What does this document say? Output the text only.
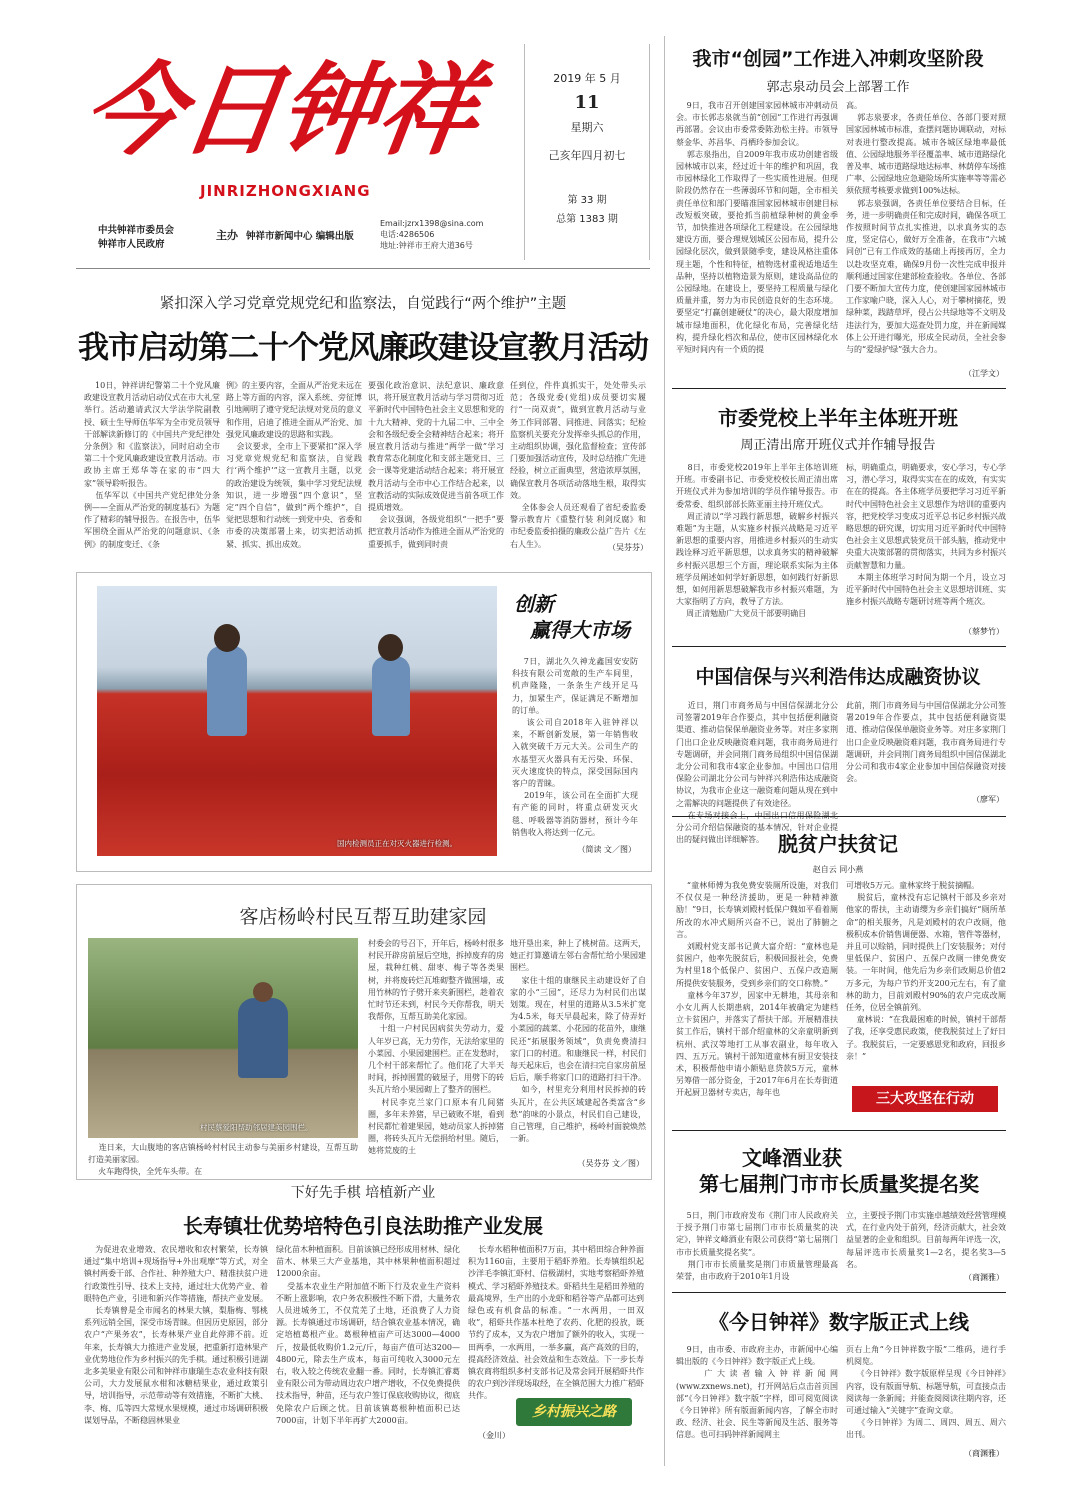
今日钟祥
JINRIZHONGXIANG
中共钟祥市委员会
钟祥市人民政府
主办 钟祥市新闻中心 编辑出版
Email:jzrx1398@sina.com
电话:4286506
地址:钟祥市王府大道36号
2019 年 5 月
11
星期六
己亥年四月初七
第 33 期
总第 1383 期
紧扣深入学习党章党规党纪和监察法，自觉践行“两个维护”主题
我市启动第二十个党风廉政建设宣教月活动
10日，钟祥讲纪警第二十个党风廉政建设宣教月活动启动仪式在市大礼堂举行。活动邀请武汉大学法学院副教授、硕士生导师伍华军为全市党员领导干部解读新修订的《中国共产党纪律处分条例》和《监察法》，同时启动全市第二十个党风廉政建设宣教月活动。市政协主席王郑华等在家的市“四大家”领导聆听报告。
伍华军以《中国共产党纪律处分条例——全面从严治党的制度基石》为题作了精彩的辅导报告。在报告中，伍华军围绕全面从严治党的问题意识、《条例》的制度变迁、《条
例》的主要内容，全面从严治党未远在路上等方面的内容，深入系统、旁征博引地阐明了遵守党纪法规对党员的意义和作用，启迪了推进全面从严治党、加强党风廉政建设的思路和实践。
会议要求，全市上下要紧扣“深入学习党章党规党纪和监察法，自觉践行‘两个维护’”这一宣教月主题，以党的政治建设为统领，集中学习党纪法规知识，进一步增强“四个意识”，坚定“四个自信”，做到“两个维护”，自觉把思想和行动统一到党中央、省委和市委的决策部署上来，切实把活动抓紧、抓实、抓出成效。
要强化政治意识、法纪意识、廉政意识，将开展宣教月活动与学习贯彻习近平新时代中国特色社会主义思想和党的十九大精神、党的十九届二中、三中全会和各级纪委全会精神结合起来；将开展宣教月活动与推进“两学一做”学习教育常态化制度化和支部主题党日、三会一课等党建活动结合起来；将开展宣教月活动与全市中心工作结合起来，以宣教活动的实际成效促进当前各项工作提质增效。
会议强调，各级党组织“一把手”要把宣教月活动作为推进全面从严治党的重要抓手，做到同时责
任到位，件件真抓实干，处处带头示范；各级党委(党组)成员要切实履行“一岗双责”，做到宣教月活动与业务工作同部署、同推进、同落实；纪检监察机关要充分发挥牵头抓总的作用，主动组织协调，强化监督检查；宣传部门要加强活动宣传，及时总结推广先进经验，树立正面典型，营造浓厚氛围，确保宣教月各项活动落地生根，取得实效。
全体参会人员还观看了省纪委监委警示教育片《重整行装 利剑反腐》和市纪委监委拍摄的廉政公益广告片《左右人生》。	（吴芬芬）
国内检测员正在对灭火器进行检测。
创新
赢得大市场
7日，湖北久久神龙鑫国安安防科技有限公司宽敞的生产车间里，机声隆隆，一条条生产线开足马力，加紧生产，保证满足不断增加的订单。
该公司自2018年入驻钟祥以来，不断创新发展，第一年销售收入就突破千万元大关。公司生产的水基型灭火器具有无污染、环保、灭火速度快的特点，深受国际国内客户的青睐。
2019年，该公司在全面扩大现有产能的同时，将重点研发灭火毯、呼吸器等消防器材，预计今年销售收入将达到一亿元。
（简读 文／图）
客店杨岭村民互帮互助建家园
村民蔡爱阳帮助邻居建美园围栏。
连日来，大山腹地的客店镇杨岭村村民主动参与美丽乡村建设，互帮互助打造美丽家园。
火车跑得快，全凭车头带。在
村委会的号召下，开年后，杨岭村很多村民开辟房前屋后空地，拆掉废弃的房屋，栽种红桃、甜枣、梅子等各类果树，并将废砖烂瓦堆砌整齐做围墙，或用竹林的竹子劈开来夹新围栏，趁着农忙时节还未到，村民今天你帮我，明天我帮你，互帮互助美化家园。
十组一户村民因病贫失劳动力，爱人年岁已高，无力劳作，无法给家里的小菜园、小果园建围栏。正在发愁时，几个村干部来帮忙了。他们花了大半天时间，拆掉围置的破屋子，用劈下的砖头瓦片给小果园砌上了整齐的围栏。
村民李克兰家门口原本有几间猪圈，多年未养猪，早已破败不堪，看到村民都忙着建果园，她动员家人拆掉猪圈，将砖头瓦片无偿捐给村里。随后，她将荒废的土
地开垦出来，种上了桃树苗。这两天，她正打算邀请左邻右舍帮忙给小果园建围栏。
家住十组的康继民主动建设好了自家的小“三园”，还尽力为村民们出谋划策。现在，村里的道路从3.5米扩宽为4.5米，每天早晨起来，除了侍弄好小菜园的蔬菜、小花园的花苗外，康继民还“拓展服务领域”，负责免费清扫家门口的村道。和康继民一样，村民们每天起床后，也会在清扫完自家房前屋后后，顺手将家门口的道路打扫干净。
如今，村里充分利用村民拆掉的砖头瓦片，在公共区域建起各类富含“乡愁”韵味的小景点，村民们自己建设，自己管理，自己维护，杨岭村面貌焕然一新。
（吴芬芬 文／图）
下好先手棋 培植新产业
长寿镇壮优势培特色引良法助推产业发展
为促进农业增效、农民增收和农村繁荣，长寿镇通过“集中培训+现场指导+外出观摩”等方式，对全镇村两委干部、合作社、种养殖大户、精准扶贫户进行政策性引导、技术上支持，通过壮大优势产业、着眼特色产业，引进和新兴作等措施，帮扶产业发展。
长寿镇曾是全市闻名的林果大镇，梨脂梅、鄂桃系列远销全国，深受市场青睐。但因历史原因，部分农户“产果务农”，长寿林果产业自此停滞不前。近年来，长寿镇大力推进产业发展，把重新打造林果产业优势地位作为乡村振兴的先手棋。通过积极引进湖北多美果业有限公司和钟祥市康瑞生态农业科技有限公司，大力发展鼠水柑和冰糖桔果业，通过政策引导，培训指导，示范带动等有效措施，不断扩大桃、李、梅、瓜等四大常规水果规模，通过市场调研积极谋划导品，不断稳固林果业
绿化苗木种植面积。目前该镇已经形成用材林、绿化苗木、林果三大产业基地，其中林果种植面积超过12000余亩。
受基本农业生产附加值不断下行及农业生产资料不断上涨影响，农户务农积极性不断下滑，大量务农人员进城务工，不仅荒芜了土地，还浪费了人力资源。长寿镇通过市场调研，结合镇农业基本情况，确定培植葛根产业。葛根种植亩产可达3000—4000斤，按最低收购价1.2元/斤，每亩产值可达3200—4800元，除去生产成本，每亩可纯收入3000元左右，收入较之传统农业翻一番。同时，长寿镇汇睿葛业有限公司为带动周边农户增产增收，不仅免费提供技术指导，种苗，还与农户签订保底收购协议，彻底免除农户后顾之忧。目前该镇葛根种植面积已达7000亩，计划下半年再扩大2000亩。
长寿水稻种植面积7万亩，其中稻田综合种养面积为1160亩，主要用于稻虾养殖。长寿镇组织起沙洋毛李镇汇虾村、信极湖村，实地考察稻虾养殖模式、学习稻虾养殖技术。虾稻共生是稻田养殖的最高境界，生产出的小龙虾和稻谷等产品都可达到绿色或有机食品的标准。“一水两用，一田双收”，稻虾共作基本杜绝了农药、化肥的投放，既节约了成本，又为农户增加了额外的收入，实现一田两季，一水两用，一举多赢，高产高效的目的，提高经济效益、社会效益和生态效益。下一步长寿镇农商将组织多村支部书记及常会同开展稻虾共作的农户到沙洋现场取经，在全镇范围大力推广稻虾共作。
乡村振兴之路
（金川）
我市“创园”工作进入冲刺攻坚阶段
郭志泉动员会上部署工作
9日，我市召开创建国家园林城市冲刺动员会。市长郭志泉就当前“创园”工作进行再强调再部署。会议由市委常委陈劲松主持。市领导蔡金华、苏昌华、肖栖玲参加会议。
郭志泉指出，自2009年我市成功创建省级园林城市以来，经过近十年的维护和巩固，我市园林绿化工作取得了一些实质性进展。但现阶段仍然存在一些薄弱环节和问题，全市相关责任单位和部门要瞄准国家园林城市创建目标改短板突破，要抢抓当前植绿种树的黄金季节，加快推进各项绿化工程建设。在公园绿地建设方面，要合理规划城区公园布局，提升公园绿化层次，做到景随季变，建设风格注重体现主题，个性和特征，植物选材重视适地适生品种，坚持以植物造景为原则，建设高品位的公园绿地。在建设上，要坚持工程质量与绿化质量并重，努力为市民创造良好的生态环境。要坚定“打赢创建硬仗”的决心，最大限度增加城市绿地面积，优化绿化布局，完善绿化结构，提升绿化档次和品位，使市区园林绿化水平短时间内有一个质的提
高。
郭志泉要求，各责任单位、各部门要对照国家园林城市标准，查摆问题协调联动，对标对表进行整改提高。城市各城区绿地率最低值、公园绿地服务半径覆盖率、城市道路绿化普及率、城市道路绿地达标率、林荫停车场推广率、公园绿地应急避险场所实施率等等需必须依照考核要求做到100%达标。
郭志泉强调，各责任单位要结合目标，任务，进一步明确责任和完成时间，确保各项工作按照时间节点扎实推进，以求真务实的态度，竖定信心，做好万全准备，在我市“六城同创”已有工作成效的基础上再接再厉，全力以赴攻坚克难，确保9月份一次性完成申报并顺利通过国家住建部检查验收。各单位、各部门要不断加大宣传力度，使创建国家园林城市工作家喻户晓，深入人心，对于攀树摘花，毁绿种菜，践踏草坪，侵占公共绿地等不文明及违法行为，要加大巡查处罚力度，并在新闻媒体上公开进行曝光，形成全民动员，全社会参与的“爱绿护绿”强大合力。
（江学文）
市委党校上半年主体班开班
周正清出席开班仪式并作辅导报告
8日，市委党校2019年上半年主体培训班开班。市委副书记、市委党校校长周正清出席开班仪式并为参加培训的学员作辅导报告。市委常委、组织部部长陈亚丽主持开班仪式。
周正清以“学习践行新思想，破解乡村振兴难题”为主题，从实施乡村振兴战略是习近平新思想的重要内容，用推进乡村振兴的生动实践诠释习近平新思想，以求真务实的精神破解乡村振兴思想三个方面，理论联系实际为主体班学员阐述如何学好新思想，如何践行好新思想，如何用新思想破解我市乡村振兴难题，为大家指明了方向，教导了方法。
周正清勉励广大党员干部要明确目
标，明确重点，明确要求，安心学习，专心学习，潜心学习，取得实实在在的成效，有实实在在的提高。各主体班学员要把学习习近平新时代中国特色社会主义思想作为培训的重要内容，把党校学习变成习近平总书记乡村振兴战略思想的研究课，切实用习近平新时代中国特色社会主义思想武装党员干部头脑，推动党中央重大决策部署的贯彻落实，共同为乡村振兴贡献智慧和力量。
本期主体班学习时间为期一个月，设立习近平新时代中国特色社会主义思想培训班、实施乡村振兴战略专题研讨班等两个班次。
（蔡梦竹）
中国信保与兴利浩伟达成融资协议
近日，荆门市商务局与中国信保湖北分公司签署2019年合作要点，其中包括便利融资渠道、推动信保保单融资业务等。对庄多家荆门出口企业反映融资难问题，我市商务局进行专题调研，并会同荆门商务局组织中国信保湖北分公司和我市4家企业参加。中国出口信用保险公司湖北分公司与钟祥兴利浩伟达成融资协议，为我市企业这一融资难问题从现在到中之需解决的问题提供了有效途径。
分公司介绍信保融资的基本情况，针对企业提出的疑问做出详细解答。
此前，荆门市商务局与中国信保湖北分公司签署2019年合作要点，其中包括便利融资渠道、推动信保保单融资业务等。对庄多家荆门出口企业反映融资难问题，我市商务局进行专题调研，并会同荆门商务局组织中国信保湖北分公司和我市4家企业参加中国信保融资对接会。
（廖军）
脱贫户扶贫记
赵自云 同小燕
“童林师傅为我免费安装厕所设施，对我们不仅仅是一种经济援助，更是一种精神激励！”9日，长寿镇刘殿村低保户魏如平看着厕所改的水冲式厕所兴奋不已，说出了肺腑之言。
刘殿村党支部书记黄大富介绍：“童林也是贫困户，他率先脱贫后，积极回报社会，免费为村里18个低保户、贫困户、五保户改造厕所提供安装服务，受到乡亲们的交口称赞。”
童林今年37岁，因家中无耕地，其母亲和小女儿两人长期患病，2014年被确定为建档立卡贫困户，并落实了帮扶干部。开展精准扶贫工作后，镇村干部介绍童林的父亲童明新到杭州、武汉等地打工从事农副业，每年收入四、五万元。镇村干部知道童林有厨卫安装技术，积极帮他申请小额贴息贷款5万元，童林另筹借一部分资金，于2017年6月在长寿街道开起厨卫器材专卖店，每年也
可增收5万元。童林家终于脱贫摘帽。
脱贫后，童林没有忘记镇村干部及乡亲对他家的帮扶，主动请缨为乡亲们搞好“厕所革命”的相关服务，凡是刘殿村的农户改厕，他极积成本价销售调便器、水箱，管件等器材，并且可以赊销，同时提供上门安装服务；对付里低保户、贫困户、五保户改厕一律免费安装。一年时间，他先后为乡亲们改厕总价值2万多元，为每户节约开支200元左右，有了童林的助力，目前刘殿村90%的农户完成改厕任务，位居全镇前列。
童林说：“在我最困难的时候，镇村干部帮了我，还享受惠民政策，使我脱贫过上了好日子。我脱贫后，一定要感恩党和政府，回报乡亲！”
三大攻坚在行动
文峰酒业获
第七届荆门市市长质量奖提名奖
5日，荆门市政府发布《荆门市人民政府关于授予荆门市第七届荆门市市长质量奖的决定》，钟祥文峰酒业有限公司获得“第七届荆门市市长质量奖提名奖”。
荆门市市长质量奖是荆门市质量管理最高荣誉，由市政府于2010年1月设
立，主要授予荆门市实施卓越绩效经营管理模式，在行业内处于前列，经济贡献大，社会效益显著的企业和组织。目前每两年评选一次，每届评选市长质量奖1—2名，提名奖3—5名。
（商渊雅）
《今日钟祥》数字版正式上线
9日，由市委、市政府主办，市新闻中心编辑出版的《今日钟祥》数字版正式上线。
广大读者输入钟祥新闻网(www.zxnews.net)，打开网站后点击首页国部“《今日钟祥》数字版”字样，即可阅览阅读《今日钟祥》所有版面新闻内容，了解全市时政、经济、社会、民生等新闻及生活、服务等信息。也可扫码钟祥新闻网主
页右上角“今日钟祥数字版”二维码，进行手机阅览。
《今日钟祥》数字版原样呈现《今日钟祥》内容，设有版面导航、标题导航，可直接点击阅读每一条新闻；并能查阅阅读往期内容，还可通过输入“关键字”查询文章。
《今日钟祥》为周二、周四、周五、周六出刊。
（商渊雅）
